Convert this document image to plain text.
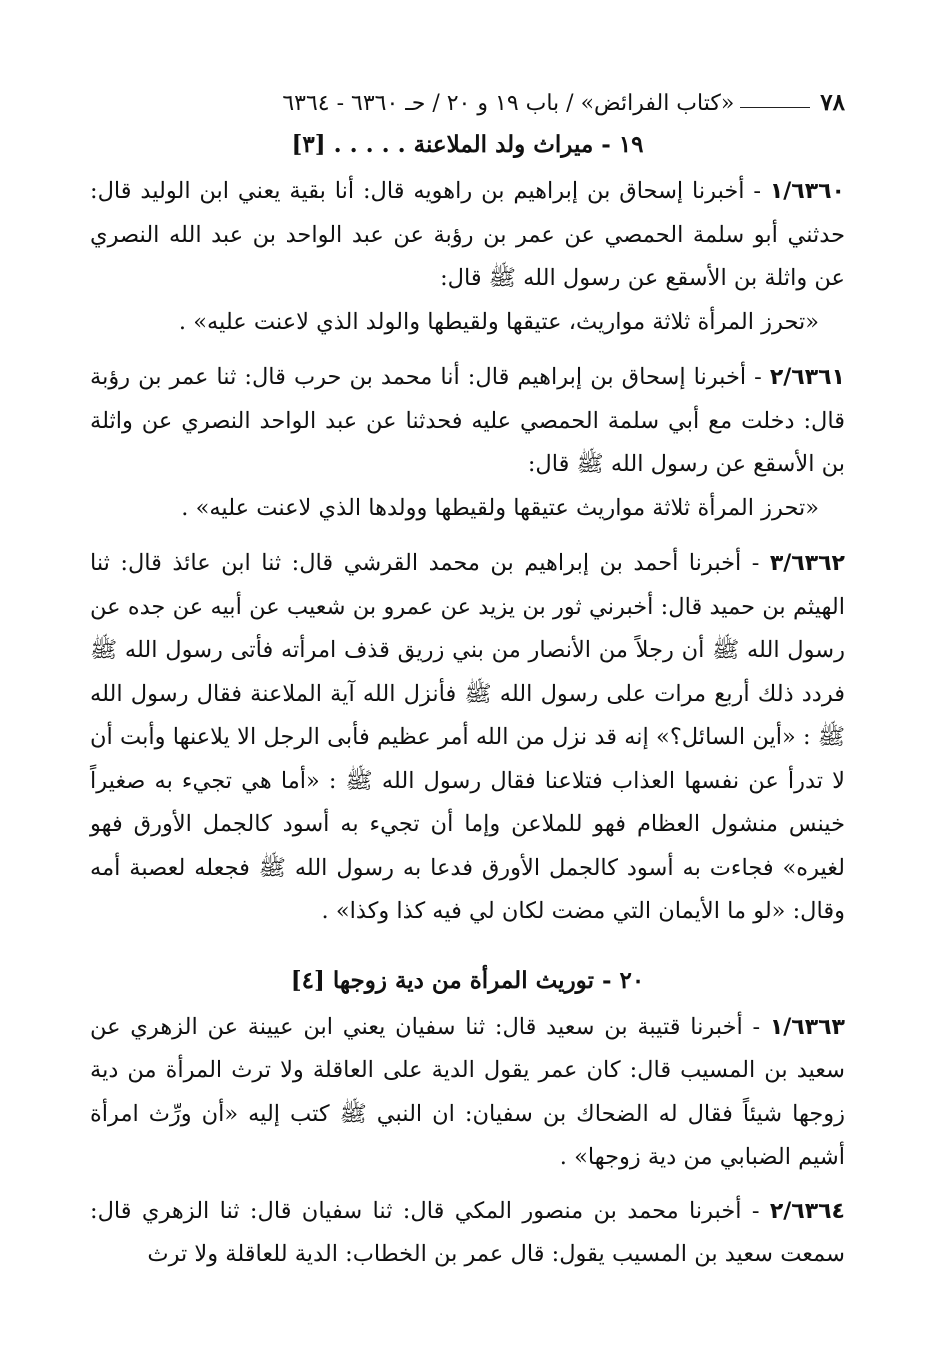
٧٨
«كتاب الفرائض» / باب ١٩ و ٢٠ / حـ ٦٣٦٠ - ٦٣٦٤
١٩ - ميراث ولد الملاعنة . . . . . [٣]

١/٦٣٦٠ - أخبرنا إسحاق بن إبراهيم بن راهويه قال: أنا بقية يعني ابن الوليد قال: حدثني أبو سلمة الحمصي عن عمر بن رؤبة عن عبد الواحد بن عبد الله النصري عن واثلة بن الأسقع عن رسول الله ﷺ قال:

«تحرز المرأة ثلاثة مواريث، عتيقها ولقيطها والولد الذي لاعنت عليه» .

٢/٦٣٦١ - أخبرنا إسحاق بن إبراهيم قال: أنا محمد بن حرب قال: ثنا عمر بن رؤبة قال: دخلت مع أبي سلمة الحمصي عليه فحدثنا عن عبد الواحد النصري عن واثلة بن الأسقع عن رسول الله ﷺ قال:

«تحرز المرأة ثلاثة مواريث عتيقها ولقيطها وولدها الذي لاعنت عليه» .

٣/٦٣٦٢ - أخبرنا أحمد بن إبراهيم بن محمد القرشي قال: ثنا ابن عائذ قال: ثنا الهيثم بن حميد قال: أخبرني ثور بن يزيد عن عمرو بن شعيب عن أبيه عن جده عن رسول الله ﷺ أن رجلاً من الأنصار من بني زريق قذف امرأته فأتى رسول الله ﷺ فردد ذلك أربع مرات على رسول الله ﷺ فأنزل الله آية الملاعنة فقال رسول الله ﷺ : «أين السائل؟» إنه قد نزل من الله أمر عظيم فأبى الرجل الا يلاعنها وأبت أن لا تدرأ عن نفسها العذاب فتلاعنا فقال رسول الله ﷺ : «أما هي تجيء به صغيراً خينس منشول العظام فهو للملاعن وإما أن تجيء به أسود كالجمل الأورق فهو لغيره» فجاءت به أسود كالجمل الأورق فدعا به رسول الله ﷺ فجعله لعصبة أمه وقال: «لو ما الأيمان التي مضت لكان لي فيه كذا وكذا» .

٢٠ - توريث المرأة من دية زوجها [٤]

١/٦٣٦٣ - أخبرنا قتيبة بن سعيد قال: ثنا سفيان يعني ابن عيينة عن الزهري عن سعيد بن المسيب قال: كان عمر يقول الدية على العاقلة ولا ترث المرأة من دية زوجها شيئاً فقال له الضحاك بن سفيان: ان النبي ﷺ كتب إليه «أن ورِّث امرأة أشيم الضبابي من دية زوجها» .

٢/٦٣٦٤ - أخبرنا محمد بن منصور المكي قال: ثنا سفيان قال: ثنا الزهري قال: سمعت سعيد بن المسيب يقول: قال عمر بن الخطاب: الدية للعاقلة ولا ترث
